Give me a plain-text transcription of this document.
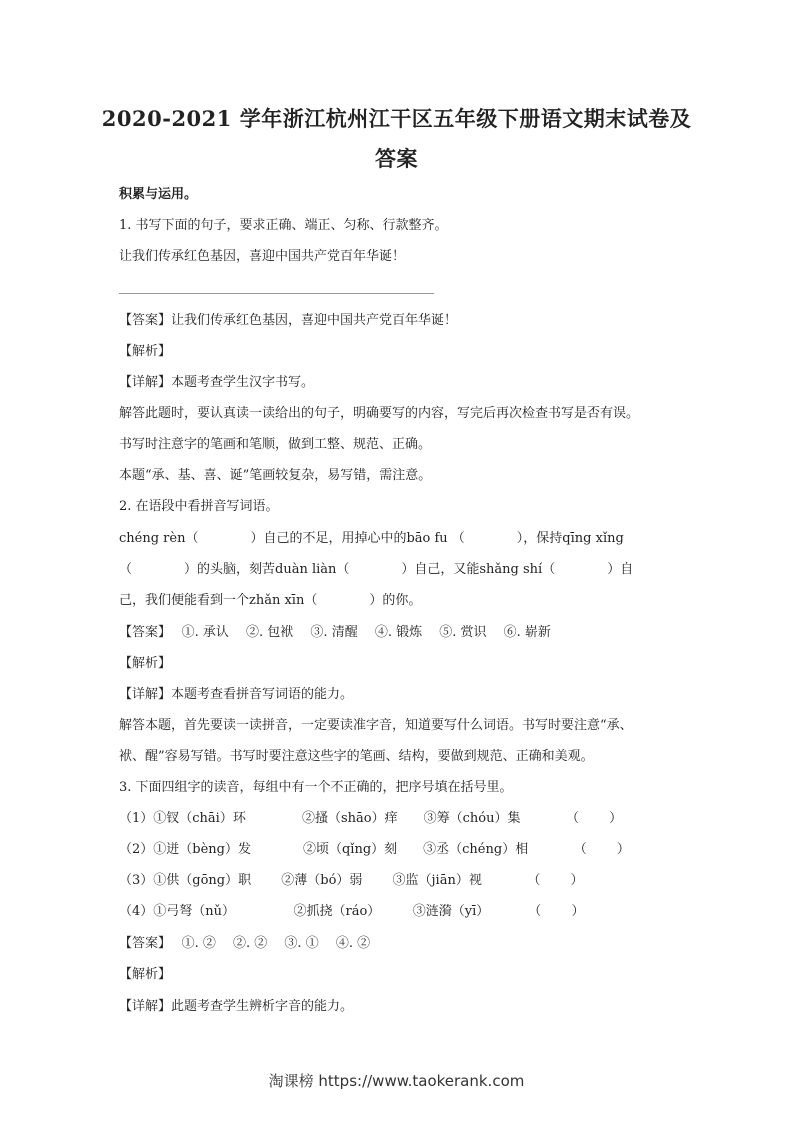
2020-2021 学年浙江杭州江干区五年级下册语文期末试卷及
答案
积累与运用。
1. 书写下面的句子，要求正确、端正、匀称、行款整齐。
让我们传承红色基因，喜迎中国共产党百年华诞！
【答案】让我们传承红色基因，喜迎中国共产党百年华诞！
【解析】
【详解】本题考查学生汉字书写。
解答此题时，要认真读一读给出的句子，明确要写的内容，写完后再次检查书写是否有误。
书写时注意字的笔画和笔顺，做到工整、规范、正确。
本题“承、基、喜、诞”笔画较复杂，易写错，需注意。
2. 在语段中看拼音写词语。
chéng rèn（　　　　）自己的不足，用掉心中的bāo fu （　　　　），保持qīng xǐng
（　　　　）的头脑，刻苦duàn liàn（　　　　）自己，又能shǎng shí（　　　　）自
己，我们便能看到一个zhǎn xīn（　　　　）的你。
【答案】　 ①. 承认　 ②. 包袱　 ③. 清醒　 ④. 锻炼　 ⑤. 赏识　 ⑥. 崭新
【解析】
【详解】本题考查看拼音写词语的能力。
解答本题，首先要读一读拼音，一定要读准字音，知道要写什么词语。书写时要注意“承、
袱、醒”容易写错。书写时要注意这些字的笔画、结构，要做到规范、正确和美观。
3. 下面四组字的读音，每组中有一个不正确的，把序号填在括号里。
（1）①钗（chāi）环　　　　 ②搔（shāo）痒　　③筹（chóu）集　　　　（　　 ）
（2）①迸（bèng）发　　　　②顷（qǐng）刻　　③丞（chéng）相　　　　（　　 ）
（3）①供（gōng）职　　 ②薄（bó）弱　　 ③监（jiān）视　　　　（　　 ）
（4）①弓弩（nǔ）　　　　　②抓挠（ráo）　　　③涟漪（yī）　　　　（　　 ）
【答案】　 ①. ②　 ②. ②　 ③. ①　 ④. ②
【解析】
【详解】此题考查学生辨析字音的能力。
淘课榜 https://www.taokerank.com
